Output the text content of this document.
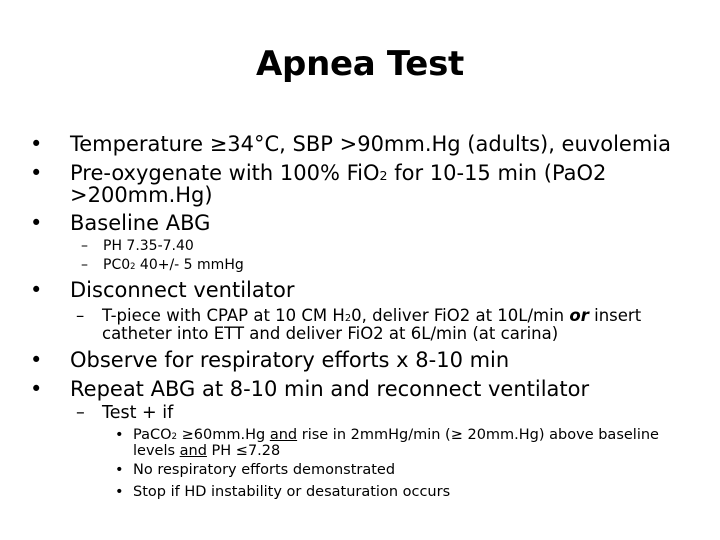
Apnea Test
• Temperature ≥34°C, SBP >90mm.Hg (adults), euvolemia
• Pre-oxygenate with 100% FiO2 for 10-15 min (PaO2
>200mm.Hg)
• Baseline ABG
– PH 7.35-7.40
– PC02 40+/- 5 mmHg
• Disconnect ventilator
– T-piece with CPAP at 10 CM H20, deliver FiO2 at 10L/min or insert
catheter into ETT and deliver FiO2 at 6L/min (at carina)
• Observe for respiratory efforts x 8-10 min
• Repeat ABG at 8-10 min and reconnect ventilator
– Test + if
• PaCO2 ≥60mm.Hg and rise in 2mmHg/min (≥ 20mm.Hg) above baseline
levels and PH ≤7.28
• No respiratory efforts demonstrated
• Stop if HD instability or desaturation occurs
